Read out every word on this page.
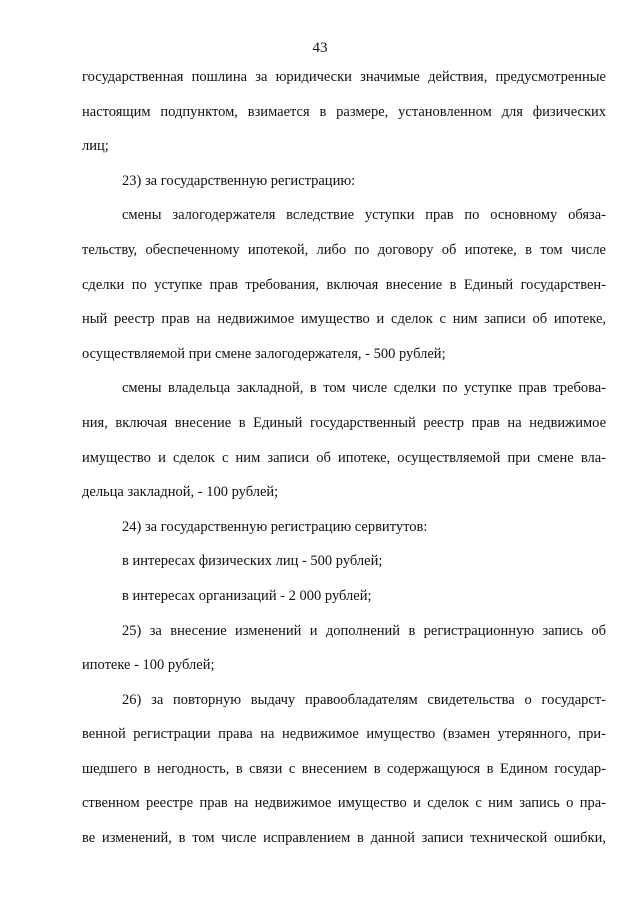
43
государственная пошлина за юридически значимые действия, предусмотренные
настоящим подпунктом, взимается в размере, установленном для физических
лиц;
23) за государственную регистрацию:
смены залогодержателя вследствие уступки прав по основному обяза-
тельству, обеспеченному ипотекой, либо по договору об ипотеке, в том числе
сделки по уступке прав требования, включая внесение в Единый государствен-
ный реестр прав на недвижимое имущество и сделок с ним записи об ипотеке,
осуществляемой при смене залогодержателя, - 500 рублей;
смены владельца закладной, в том числе сделки по уступке прав требова-
ния, включая внесение в Единый государственный реестр прав на недвижимое
имущество и сделок с ним записи об ипотеке, осуществляемой при смене вла-
дельца закладной, - 100 рублей;
24) за государственную регистрацию сервитутов:
в интересах физических лиц - 500 рублей;
в интересах организаций - 2 000 рублей;
25) за внесение изменений и дополнений в регистрационную запись об
ипотеке - 100 рублей;
26) за повторную выдачу правообладателям свидетельства о государст-
венной регистрации права на недвижимое имущество (взамен утерянного, при-
шедшего в негодность, в связи с внесением в содержащуюся в Едином государ-
ственном реестре прав на недвижимое имущество и сделок с ним запись о пра-
ве изменений, в том числе исправлением в данной записи технической ошибки,
